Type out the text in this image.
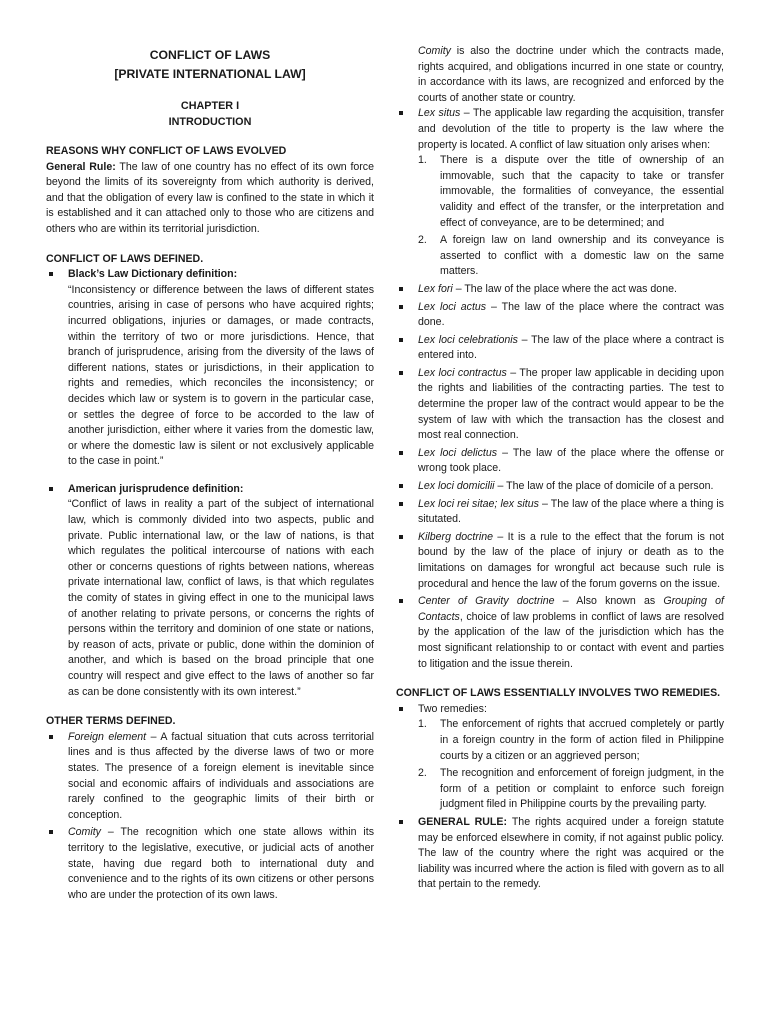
CONFLICT OF LAWS
[PRIVATE INTERNATIONAL LAW]
CHAPTER I
INTRODUCTION
REASONS WHY CONFLICT OF LAWS EVOLVED

General Rule: The law of one country has no effect of its own force beyond the limits of its sovereignty from which authority is derived, and that the obligation of every law is confined to the state in which it is established and it can attached only to those who are citizens and others who are within its territorial jurisdiction.

CONFLICT OF LAWS DEFINED.
Black’s Law Dictionary definition:

“Inconsistency or difference between the laws of different states countries, arising in case of persons who have acquired rights; incurred obligations, injuries or damages, or made contracts, within the territory of two or more jurisdictions. Hence, that branch of jurisprudence, arising from the diversity of the laws of different nations, states or jurisdictions, in their application to rights and remedies, which reconciles the inconsistency; or decides which law or system is to govern in the particular case, or settles the degree of force to be accorded to the law of another jurisdiction, either where it varies from the domestic law, or where the domestic law is silent or not exclusively applicable to the case in point.”

American jurisprudence definition:

“Conflict of laws in reality a part of the subject of international law, which is commonly divided into two aspects, public and private. Public international law, or the law of nations, is that which regulates the political intercourse of nations with each other or concerns questions of rights between nations, whereas private international law, conflict of laws, is that which regulates the comity of states in giving effect in one to the municipal laws of another relating to private persons, or concerns the rights of persons within the territory and dominion of one state or nations, by reason of acts, private or public, done within the dominion of another, and which is based on the broad principle that one country will respect and give effect to the laws of another so far as can be done consistently with its own interest.”

OTHER TERMS DEFINED.
Foreign element – A factual situation that cuts across territorial lines and is thus affected by the diverse laws of two or more states. The presence of a foreign element is inevitable since social and economic affairs of individuals and associations are rarely confined to the geographic limits of their birth or conception.
Comity – The recognition which one state allows within its territory to the legislative, executive, or judicial acts of another state, having due regard both to international duty and convenience and to the rights of its own citizens or other persons who are under the protection of its own laws.

Comity is also the doctrine under which the contracts made, rights acquired, and obligations incurred in one state or country, in accordance with its laws, are recognized and enforced by the courts of another state or country.

Lex situs – The applicable law regarding the acquisition, transfer and devolution of the title to property is the law where the property is located. A conflict of law situation only arises when:
1. There is a dispute over the title of ownership of an immovable, such that the capacity to take or transfer immovable, the formalities of conveyance, the essential validity and effect of the transfer, or the interpretation and effect of conveyance, are to be determined; and
2. A foreign law on land ownership and its conveyance is asserted to conflict with a domestic law on the same matters.
Lex fori – The law of the place where the act was done.
Lex loci actus – The law of the place where the contract was done.
Lex loci celebrationis – The law of the place where a contract is entered into.
Lex loci contractus – The proper law applicable in deciding upon the rights and liabilities of the contracting parties. The test to determine the proper law of the contract would appear to be the system of law with which the transaction has the closest and most real connection.
Lex loci delictus – The law of the place where the offense or wrong took place.
Lex loci domicilii – The law of the place of domicile of a person.
Lex loci rei sitae; lex situs – The law of the place where a thing is situtated.
Kilberg doctrine – It is a rule to the effect that the forum is not bound by the law of the place of injury or death as to the limitations on damages for wrongful act because such rule is procedural and hence the law of the forum governs on the issue.
Center of Gravity doctrine – Also known as Grouping of Contacts, choice of law problems in conflict of laws are resolved by the application of the law of the jurisdiction which has the most significant relationship to or contact with event and parties to litigation and the issue therein.
CONFLICT OF LAWS ESSENTIALLY INVOLVES TWO REMEDIES.
Two remedies:
1. The enforcement of rights that accrued completely or partly in a foreign country in the form of action filed in Philippine courts by a citizen or an aggrieved person;
2. The recognition and enforcement of foreign judgment, in the form of a petition or complaint to enforce such foreign judgment filed in Philippine courts by the prevailing party.
GENERAL RULE: The rights acquired under a foreign statute may be enforced elsewhere in comity, if not against public policy. The law of the country where the right was acquired or the liability was incurred where the action is filed with govern as to all that pertain to the remedy.
